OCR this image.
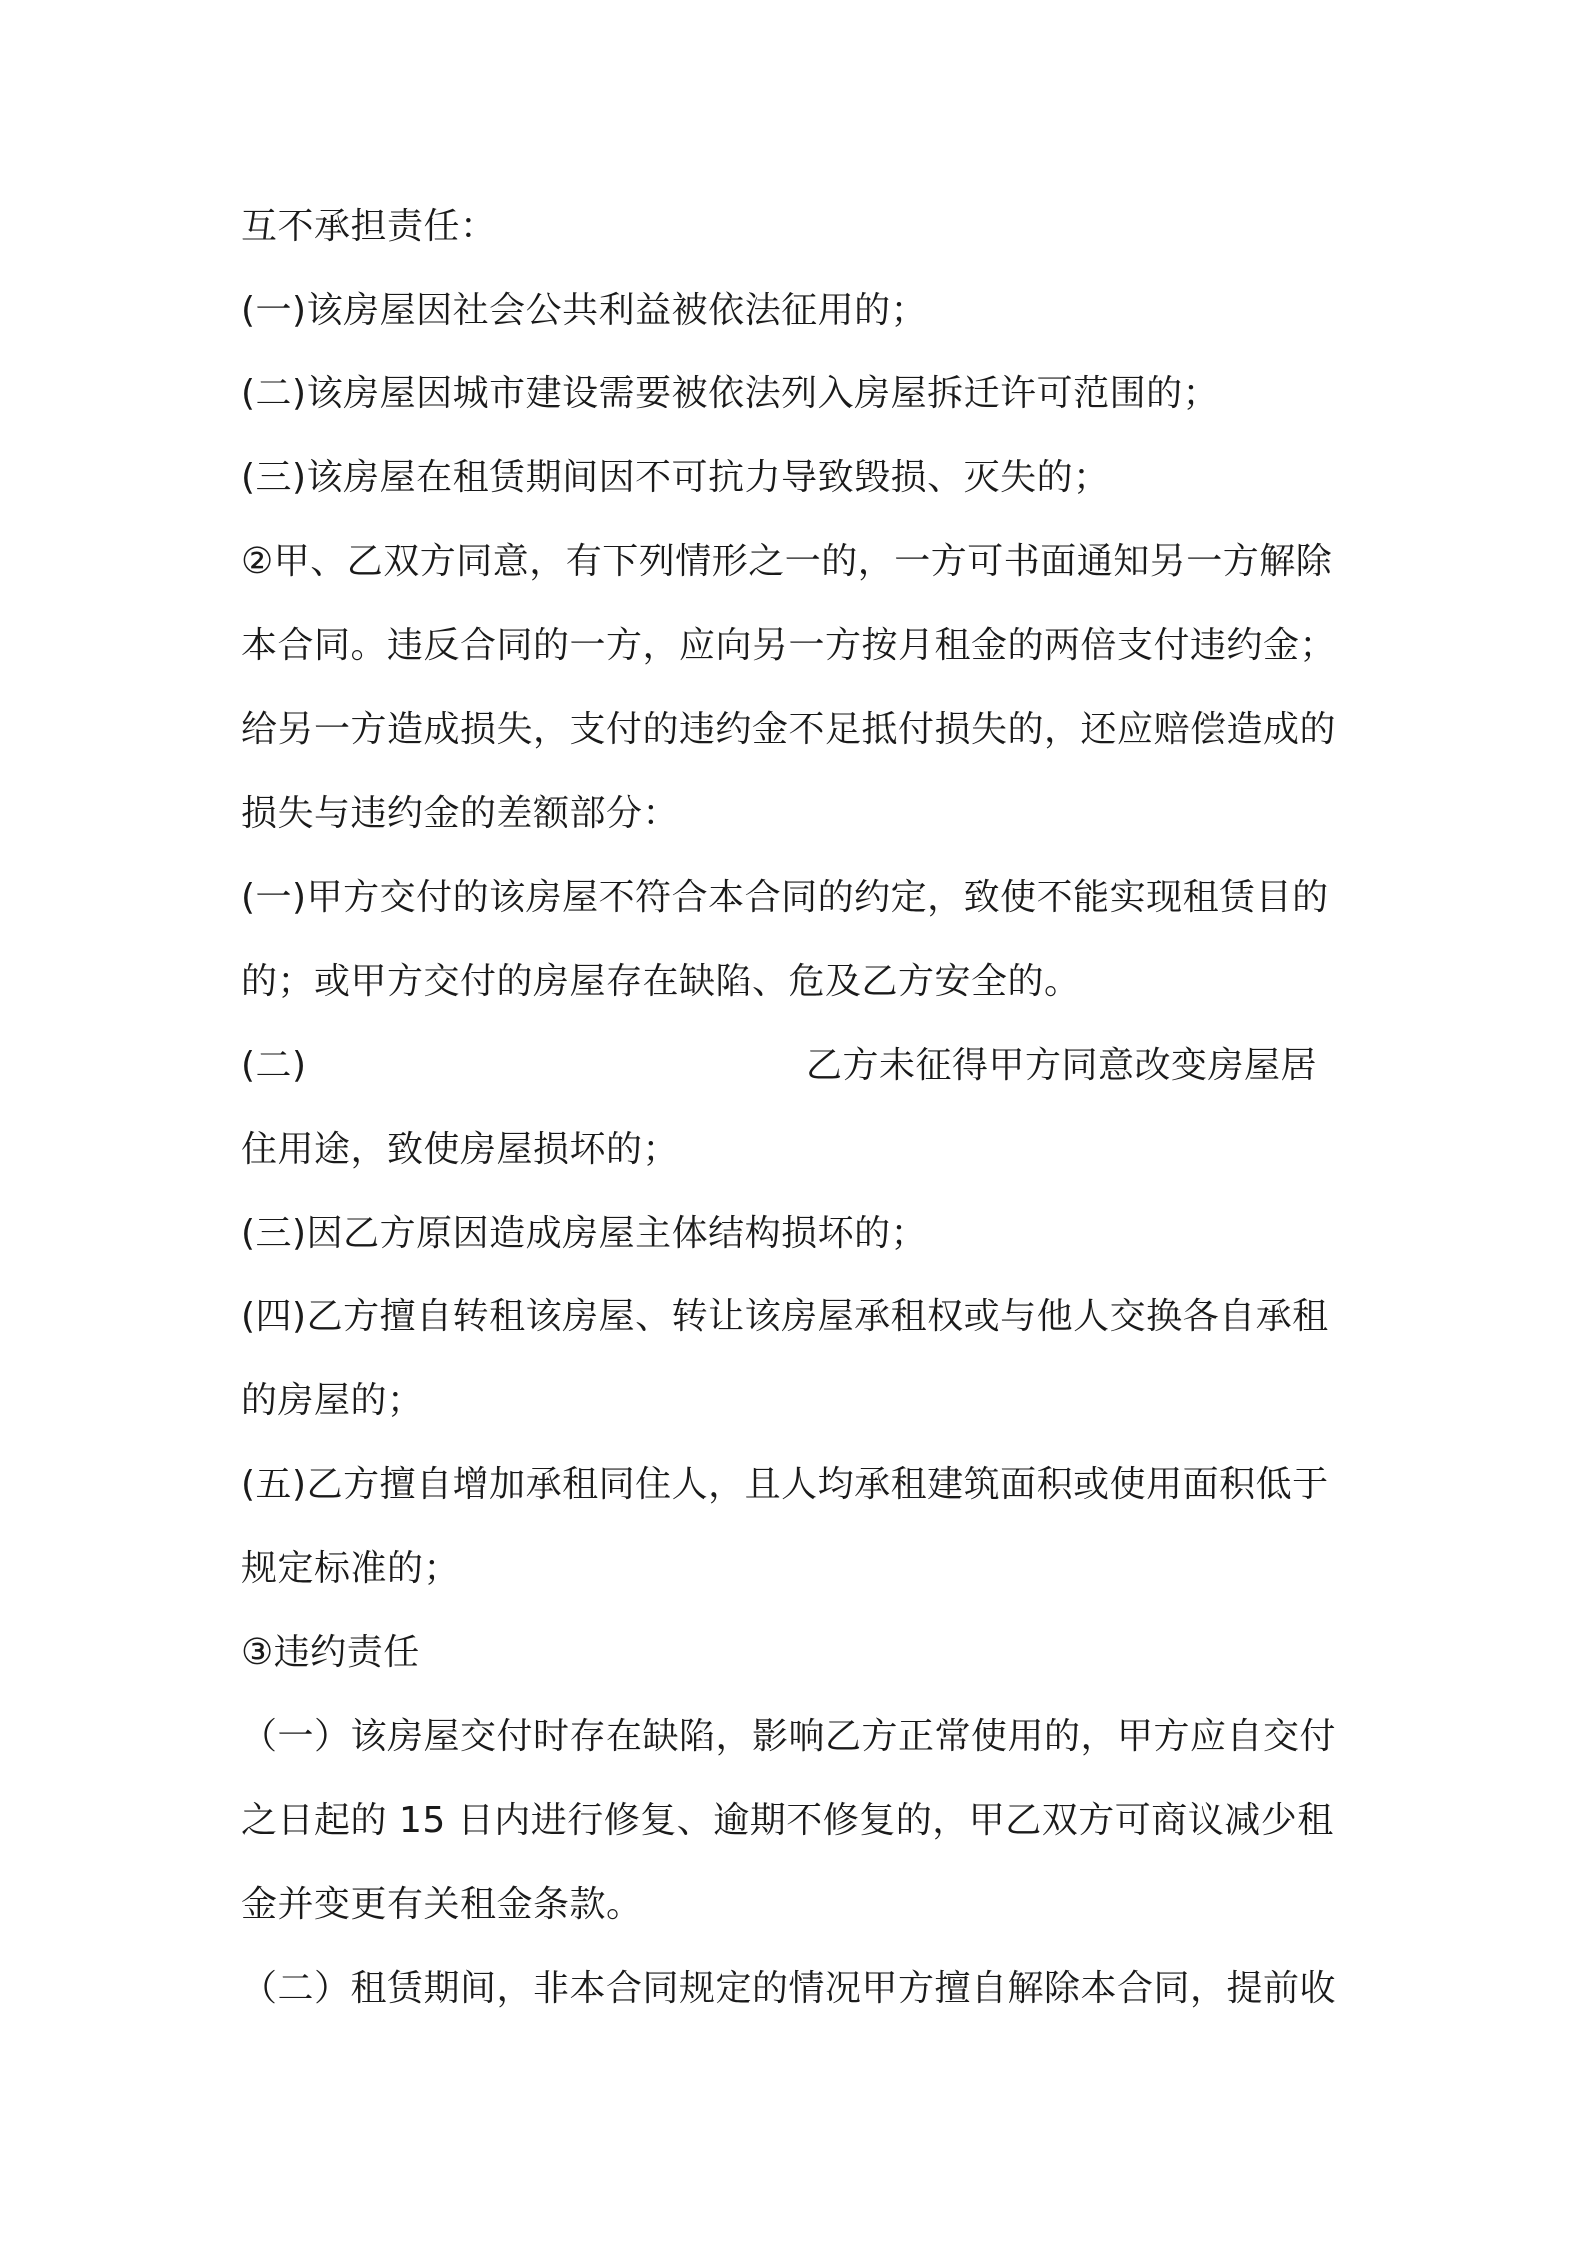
互不承担责任：
(一)该房屋因社会公共利益被依法征用的；
(二)该房屋因城市建设需要被依法列入房屋拆迁许可范围的；
(三)该房屋在租赁期间因不可抗力导致毁损、灭失的；
②甲、乙双方同意，有下列情形之一的，一方可书面通知另一方解除
本合同。违反合同的一方，应向另一方按月租金的两倍支付违约金；
给另一方造成损失，支付的违约金不足抵付损失的，还应赔偿造成的
损失与违约金的差额部分：
(一)甲方交付的该房屋不符合本合同的约定，致使不能实现租赁目的
的；或甲方交付的房屋存在缺陷、危及乙方安全的。
(二)	乙方未征得甲方同意改变房屋居
住用途，致使房屋损坏的；
(三)因乙方原因造成房屋主体结构损坏的；
(四)乙方擅自转租该房屋、转让该房屋承租权或与他人交换各自承租
的房屋的；
(五)乙方擅自增加承租同住人，且人均承租建筑面积或使用面积低于
规定标准的；
③违约责任
（一）该房屋交付时存在缺陷，影响乙方正常使用的，甲方应自交付
之日起的 15 日内进行修复、逾期不修复的，甲乙双方可商议减少租
金并变更有关租金条款。
（二）租赁期间，非本合同规定的情况甲方擅自解除本合同，提前收
